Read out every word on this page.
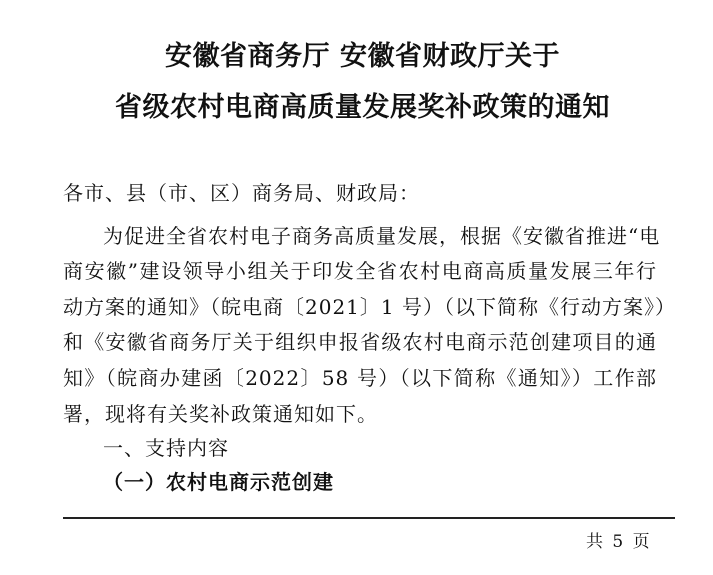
安徽省商务厅 安徽省财政厅关于
省级农村电商高质量发展奖补政策的通知
各市、县（市、区）商务局、财政局：
为促进全省农村电子商务高质量发展，根据《安徽省推进“电
商安徽”建设领导小组关于印发全省农村电商高质量发展三年行
动方案的通知》（皖电商〔2021〕1 号）（以下简称《行动方案》）
和《安徽省商务厅关于组织申报省级农村电商示范创建项目的通
知》（皖商办建函〔2022〕58 号）（以下简称《通知》）工作部
署，现将有关奖补政策通知如下。
一、支持内容
（一）农村电商示范创建
共 5 页
